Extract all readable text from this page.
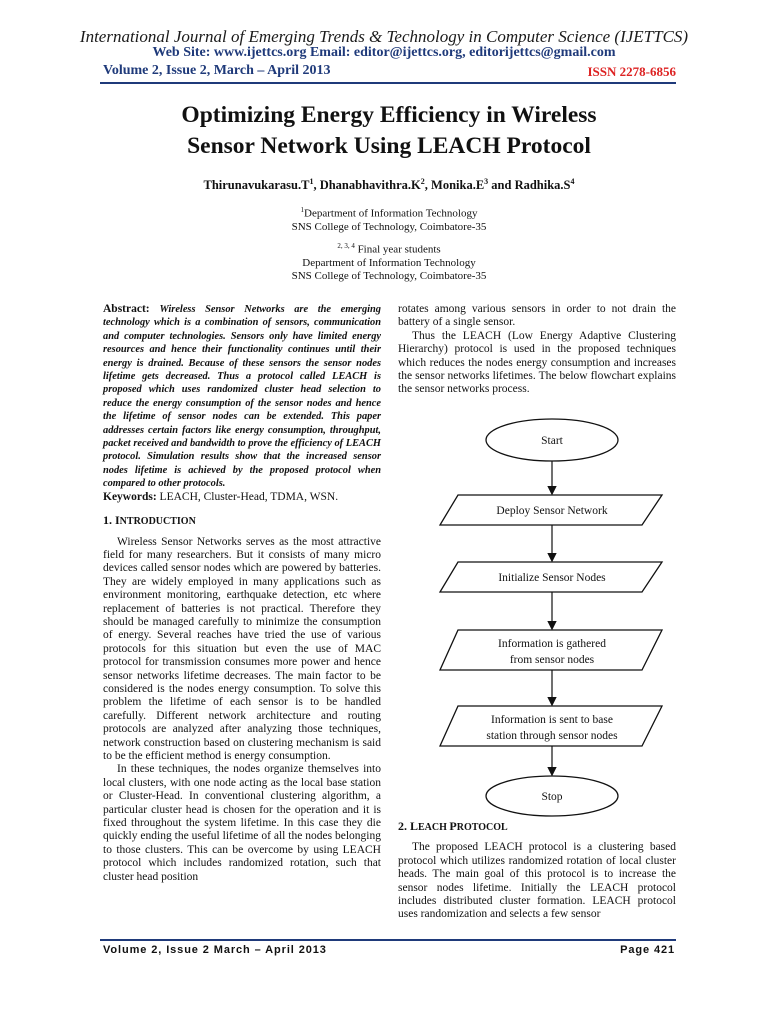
International Journal of Emerging Trends & Technology in Computer Science (IJETTCS)
Web Site: www.ijettcs.org Email: editor@ijettcs.org, editorijettcs@gmail.com
Volume 2, Issue 2, March – April 2013	ISSN 2278-6856
Optimizing Energy Efficiency in Wireless
Sensor Network Using LEACH Protocol
$Thirunavukarasu.T^1$, $Dhanabhavithra.K^2$, $Monika.E^3$ and $Radhika.S^4$
$^1$Department of Information Technology
SNS College of Technology, Coimbatore-35
$^{2, 3, 4}$ Final year students
Department of Information Technology
SNS College of Technology, Coimbatore-35
Abstract: Wireless Sensor Networks are the emerging technology which is a combination of sensors, communication and computer technologies. Sensors only have limited energy resources and hence their functionality continues until their energy is drained. Because of these sensors the sensor nodes lifetime gets decreased. Thus a protocol called LEACH is proposed which uses randomized cluster head selection to reduce the energy consumption of the sensor nodes and hence the lifetime of sensor nodes can be extended. This paper addresses certain factors like energy consumption, throughput, packet received and bandwidth to prove the efficiency of LEACH protocol. Simulation results show that the increased sensor nodes lifetime is achieved by the proposed protocol when compared to other protocols.
Keywords: LEACH, Cluster-Head, TDMA, WSN.
1. INTRODUCTION

Wireless Sensor Networks serves as the most attractive field for many researchers. But it consists of many micro devices called sensor nodes which are powered by batteries. They are widely employed in many applications such as environment monitoring, earthquake detection, etc where replacement of batteries is not practical. Therefore they should be managed carefully to minimize the consumption of energy. Several reaches have tried the use of various protocols for this situation but even the use of MAC protocol for transmission consumes more power and hence sensor networks lifetime decreases. The main factor to be considered is the nodes energy consumption. To solve this problem the lifetime of each sensor is to be handled carefully. Different network architecture and routing protocols are analyzed after analyzing those techniques, network construction based on clustering mechanism is said to be the efficient method is energy consumption.

In these techniques, the nodes organize themselves into local clusters, with one node acting as the local base station or Cluster-Head. In conventional clustering algorithm, a particular cluster head is chosen for the operation and it is fixed throughout the system lifetime. In this case they die quickly ending the useful lifetime of all the nodes belonging to those clusters. This can be overcome by using LEACH protocol which includes randomized rotation, such that cluster head position

rotates among various sensors in order to not drain the battery of a single sensor.

Thus the LEACH (Low Energy Adaptive Clustering Hierarchy) protocol is used in the proposed techniques which reduces the nodes energy consumption and increases the sensor networks lifetimes. The below flowchart explains the sensor networks process.

Start
Deploy Sensor Network
Initialize Sensor Nodes
Information is gathered
from sensor nodes
Information is sent to base
station through sensor nodes
Stop
2. LEACH PROTOCOL

The proposed LEACH protocol is a clustering based protocol which utilizes randomized rotation of local cluster heads. The main goal of this protocol is to increase the sensor nodes lifetime. Initially the LEACH protocol includes distributed cluster formation. LEACH protocol uses randomization and selects a few sensor

Volume 2, Issue 2 March – April 2013	Page 421
